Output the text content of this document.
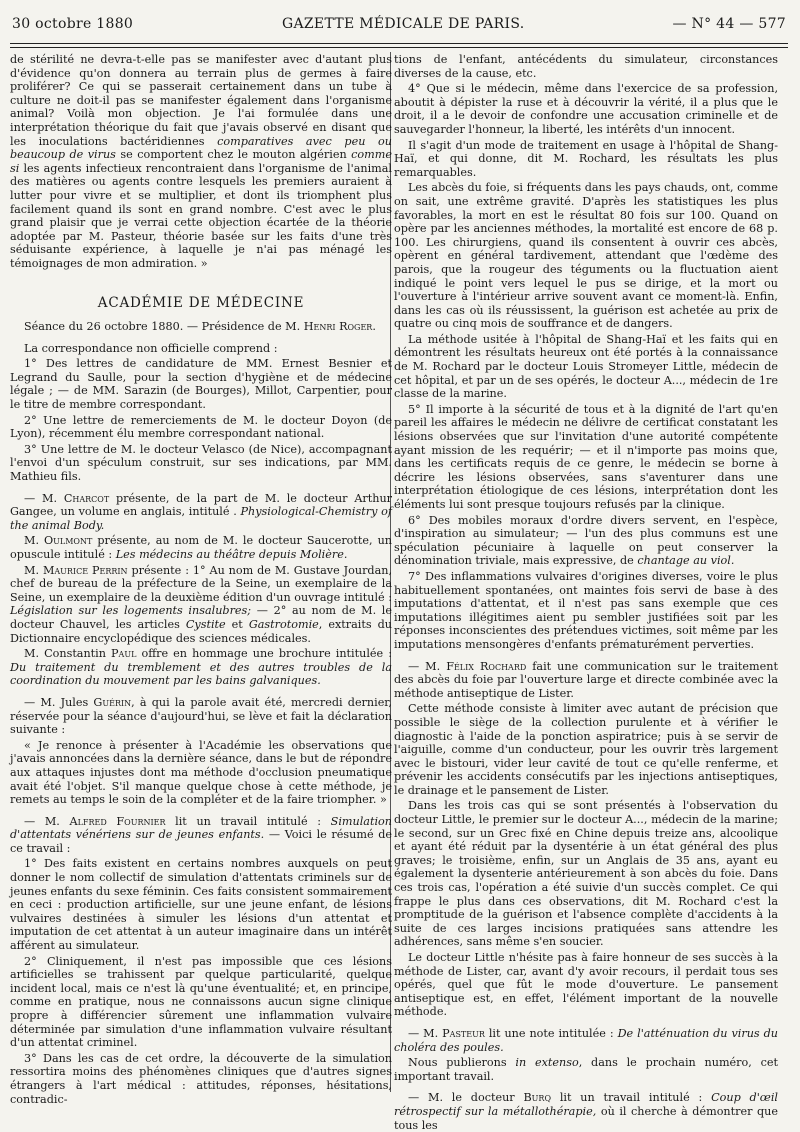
30 octobre 1880	GAZETTE MÉDICALE DE PARIS.	— N° 44 — 577

de stérilité ne devra-t-elle pas se manifester avec d'autant plus d'évidence qu'on donnera au terrain plus de germes à faire proliférer? Ce qui se passerait certainement dans un tube à culture ne doit-il pas se manifester également dans l'organisme animal? Voilà mon objection. Je l'ai formulée dans une interprétation théorique du fait que j'avais observé en disant que les inoculations bactéridiennes comparatives avec peu ou beaucoup de virus se comportent chez le mouton algérien comme si les agents infectieux rencontraient dans l'organisme de l'animal des matières ou agents contre lesquels les premiers auraient à lutter pour vivre et se multiplier, et dont ils triomphent plus facilement quand ils sont en grand nombre. C'est avec le plus grand plaisir que je verrai cette objection écartée de la théorie adoptée par M. Pasteur, théorie basée sur les faits d'une très séduisante expérience, à laquelle je n'ai pas ménagé les témoignages de mon admiration. »

ACADÉMIE DE MÉDECINE

Séance du 26 octobre 1880. — Présidence de M. Henri Roger.

La correspondance non officielle comprend :

1° Des lettres de candidature de MM. Ernest Besnier et Legrand du Saulle, pour la section d'hygiène et de médecine légale ; — de MM. Sarazin (de Bourges), Millot, Carpentier, pour le titre de membre correspondant.

2° Une lettre de remerciements de M. le docteur Doyon (de Lyon), récemment élu membre correspondant national.

3° Une lettre de M. le docteur Velasco (de Nice), accompagnant l'envoi d'un spéculum construit, sur ses indications, par MM. Mathieu fils.

— M. Charcot présente, de la part de M. le docteur Arthur Gangee, un volume en anglais, intitulé . Physiological-Chemistry of the animal Body.

M. Oulmont présente, au nom de M. le docteur Saucerotte, un opuscule intitulé : Les médecins au théâtre depuis Molière.

M. Maurice Perrin présente : 1° Au nom de M. Gustave Jourdan, chef de bureau de la préfecture de la Seine, un exemplaire de la Seine, un exemplaire de la deuxième édition d'un ouvrage intitulé : Législation sur les logements insalubres; — 2° au nom de M. le docteur Chauvel, les articles Cystite et Gastrotomie, extraits du Dictionnaire encyclopédique des sciences médicales.

M. Constantin Paul offre en hommage une brochure intitulée : Du traitement du tremblement et des autres troubles de la coordination du mouvement par les bains galvaniques.

— M. Jules Guérin, à qui la parole avait été, mercredi dernier, réservée pour la séance d'aujourd'hui, se lève et fait la déclaration suivante :

« Je renonce à présenter à l'Académie les observations que j'avais annoncées dans la dernière séance, dans le but de répondre aux attaques injustes dont ma méthode d'occlusion pneumatique avait été l'objet. S'il manque quelque chose à cette méthode, je remets au temps le soin de la compléter et de la faire triompher. »

— M. Alfred Fournier lit un travail intitulé : Simulation d'attentats vénériens sur de jeunes enfants. — Voici le résumé de ce travail :

1° Des faits existent en certains nombres auxquels on peut donner le nom collectif de simulation d'attentats criminels sur de jeunes enfants du sexe féminin. Ces faits consistent sommairement en ceci : production artificielle, sur une jeune enfant, de lésions vulvaires destinées à simuler les lésions d'un attentat et imputation de cet attentat à un auteur imaginaire dans un intérêt afférent au simulateur.

2° Cliniquement, il n'est pas impossible que ces lésions artificielles se trahissent par quelque particularité, quelque incident local, mais ce n'est là qu'une éventualité; et, en principe, comme en pratique, nous ne connaissons aucun signe clinique propre à différencier sûrement une inflammation vulvaire déterminée par simulation d'une inflammation vulvaire résultant d'un attentat criminel.

3° Dans les cas de cet ordre, la découverte de la simulation ressortira moins des phénomènes cliniques que d'autres signes étrangers à l'art médical : attitudes, réponses, hésitations, contradic-

tions de l'enfant, antécédents du simulateur, circonstances diverses de la cause, etc.

4° Que si le médecin, même dans l'exercice de sa profession, aboutit à dépister la ruse et à découvrir la vérité, il a plus que le droit, il a le devoir de confondre une accusation criminelle et de sauvegarder l'honneur, la liberté, les intérêts d'un innocent.

Il s'agit d'un mode de traitement en usage à l'hôpital de Shang-Haï, et qui donne, dit M. Rochard, les résultats les plus remarquables.

Les abcès du foie, si fréquents dans les pays chauds, ont, comme on sait, une extrême gravité. D'après les statistiques les plus favorables, la mort en est le résultat 80 fois sur 100. Quand on opère par les anciennes méthodes, la mortalité est encore de 68 p. 100. Les chirurgiens, quand ils consentent à ouvrir ces abcès, opèrent en général tardivement, attendant que l'œdème des parois, que la rougeur des téguments ou la fluctuation aient indiqué le point vers lequel le pus se dirige, et la mort ou l'ouverture à l'intérieur arrive souvent avant ce moment-là. Enfin, dans les cas où ils réussissent, la guérison est achetée au prix de quatre ou cinq mois de souffrance et de dangers.

La méthode usitée à l'hôpital de Shang-Haï et les faits qui en démontrent les résultats heureux ont été portés à la connaissance de M. Rochard par le docteur Louis Stromeyer Little, médecin de cet hôpital, et par un de ses opérés, le docteur A..., médecin de 1re classe de la marine.

5° Il importe à la sécurité de tous et à la dignité de l'art qu'en pareil les affaires le médecin ne délivre de certificat constatant les lésions observées que sur l'invitation d'une autorité compétente ayant mission de les requérir; — et il n'importe pas moins que, dans les certificats requis de ce genre, le médecin se borne à décrire les lésions observées, sans s'aventurer dans une interprétation étiologique de ces lésions, interprétation dont les éléments lui sont presque toujours refusés par la clinique.

6° Des mobiles moraux d'ordre divers servent, en l'espèce, d'inspiration au simulateur; — l'un des plus communs est une spéculation pécuniaire à laquelle on peut conserver la dénomination triviale, mais expressive, de chantage au viol.

7° Des inflammations vulvaires d'origines diverses, voire le plus habituellement spontanées, ont maintes fois servi de base à des imputations d'attentat, et il n'est pas sans exemple que ces imputations illégitimes aient pu sembler justifiées soit par les réponses inconscientes des prétendues victimes, soit même par les imputations mensongères d'enfants prématurément perverties.

— M. Félix Rochard fait une communication sur le traitement des abcès du foie par l'ouverture large et directe combinée avec la méthode antiseptique de Lister.

Cette méthode consiste à limiter avec autant de précision que possible le siège de la collection purulente et à vérifier le diagnostic à l'aide de la ponction aspiratrice; puis à se servir de l'aiguille, comme d'un conducteur, pour les ouvrir très largement avec le bistouri, vider leur cavité de tout ce qu'elle renferme, et prévenir les accidents consécutifs par les injections antiseptiques, le drainage et le pansement de Lister.

Dans les trois cas qui se sont présentés à l'observation du docteur Little, le premier sur le docteur A..., médecin de la marine; le second, sur un Grec fixé en Chine depuis treize ans, alcoolique et ayant été réduit par la dysentérie à un état général des plus graves; le troisième, enfin, sur un Anglais de 35 ans, ayant eu également la dysenterie antérieurement à son abcès du foie. Dans ces trois cas, l'opération a été suivie d'un succès complet. Ce qui frappe le plus dans ces observations, dit M. Rochard c'est la promptitude de la guérison et l'absence complète d'accidents à la suite de ces larges incisions pratiquées sans attendre les adhérences, sans même s'en soucier.

Le docteur Little n'hésite pas à faire honneur de ses succès à la méthode de Lister, car, avant d'y avoir recours, il perdait tous ses opérés, quel que fût le mode d'ouverture. Le pansement antiseptique est, en effet, l'élément important de la nouvelle méthode.

— M. Pasteur lit une note intitulée : De l'atténuation du virus du choléra des poules.

Nous publierons in extenso, dans le prochain numéro, cet important travail.

— M. le docteur Burq lit un travail intitulé : Coup d'œil rétrospectif sur la métallothérapie, où il cherche à démontrer que tous les
